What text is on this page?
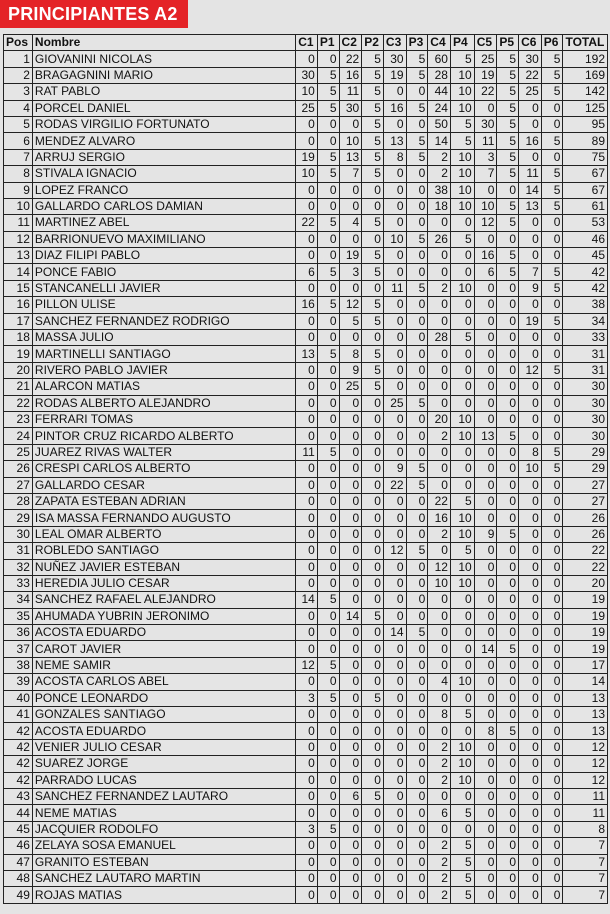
PRINCIPIANTES A2
Pos	Nombre	C1	P1	C2	P2	C3	P3	C4	P4	C5	P5	C6	P6	TOTAL
1	GIOVANINI NICOLAS	0	0	22	5	30	5	60	5	25	5	30	5	192
2	BRAGAGNINI MARIO	30	5	16	5	19	5	28	10	19	5	22	5	169
3	RAT PABLO	10	5	11	5	0	0	44	10	22	5	25	5	142
4	PORCEL DANIEL	25	5	30	5	16	5	24	10	0	5	0	0	125
5	RODAS VIRGILIO FORTUNATO	0	0	0	5	0	0	50	5	30	5	0	0	95
6	MENDEZ ALVARO	0	0	10	5	13	5	14	5	11	5	16	5	89
7	ARRUJ SERGIO	19	5	13	5	8	5	2	10	3	5	0	0	75
8	STIVALA IGNACIO	10	5	7	5	0	0	2	10	7	5	11	5	67
9	LOPEZ FRANCO	0	0	0	0	0	0	38	10	0	0	14	5	67
10	GALLARDO CARLOS DAMIAN	0	0	0	0	0	0	18	10	10	5	13	5	61
11	MARTINEZ ABEL	22	5	4	5	0	0	0	0	12	5	0	0	53
12	BARRIONUEVO MAXIMILIANO	0	0	0	0	10	5	26	5	0	0	0	0	46
13	DIAZ FILIPI PABLO	0	0	19	5	0	0	0	0	16	5	0	0	45
14	PONCE FABIO	6	5	3	5	0	0	0	0	6	5	7	5	42
15	STANCANELLI JAVIER	0	0	0	0	11	5	2	10	0	0	9	5	42
16	PILLON ULISE	16	5	12	5	0	0	0	0	0	0	0	0	38
17	SANCHEZ FERNANDEZ RODRIGO	0	0	5	5	0	0	0	0	0	0	19	5	34
18	MASSA JULIO	0	0	0	0	0	0	28	5	0	0	0	0	33
19	MARTINELLI SANTIAGO	13	5	8	5	0	0	0	0	0	0	0	0	31
20	RIVERO PABLO JAVIER	0	0	9	5	0	0	0	0	0	0	12	5	31
21	ALARCON MATIAS	0	0	25	5	0	0	0	0	0	0	0	0	30
22	RODAS ALBERTO ALEJANDRO	0	0	0	0	25	5	0	0	0	0	0	0	30
23	FERRARI TOMAS	0	0	0	0	0	0	20	10	0	0	0	0	30
24	PINTOR CRUZ RICARDO ALBERTO	0	0	0	0	0	0	2	10	13	5	0	0	30
25	JUAREZ RIVAS WALTER	11	5	0	0	0	0	0	0	0	0	8	5	29
26	CRESPI CARLOS ALBERTO	0	0	0	0	9	5	0	0	0	0	10	5	29
27	GALLARDO CESAR	0	0	0	0	22	5	0	0	0	0	0	0	27
28	ZAPATA ESTEBAN ADRIAN	0	0	0	0	0	0	22	5	0	0	0	0	27
29	ISA MASSA FERNANDO AUGUSTO	0	0	0	0	0	0	16	10	0	0	0	0	26
30	LEAL OMAR ALBERTO	0	0	0	0	0	0	2	10	9	5	0	0	26
31	ROBLEDO SANTIAGO	0	0	0	0	12	5	0	5	0	0	0	0	22
32	NUÑEZ JAVIER ESTEBAN	0	0	0	0	0	0	12	10	0	0	0	0	22
33	HEREDIA JULIO CESAR	0	0	0	0	0	0	10	10	0	0	0	0	20
34	SANCHEZ RAFAEL ALEJANDRO	14	5	0	0	0	0	0	0	0	0	0	0	19
35	AHUMADA YUBRIN JERONIMO	0	0	14	5	0	0	0	0	0	0	0	0	19
36	ACOSTA EDUARDO	0	0	0	0	14	5	0	0	0	0	0	0	19
37	CAROT JAVIER	0	0	0	0	0	0	0	0	14	5	0	0	19
38	NEME SAMIR	12	5	0	0	0	0	0	0	0	0	0	0	17
39	ACOSTA CARLOS ABEL	0	0	0	0	0	0	4	10	0	0	0	0	14
40	PONCE LEONARDO	3	5	0	5	0	0	0	0	0	0	0	0	13
41	GONZALES SANTIAGO	0	0	0	0	0	0	8	5	0	0	0	0	13
42	ACOSTA EDUARDO	0	0	0	0	0	0	0	0	8	5	0	0	13
42	VENIER JULIO CESAR	0	0	0	0	0	0	2	10	0	0	0	0	12
42	SUAREZ JORGE	0	0	0	0	0	0	2	10	0	0	0	0	12
42	PARRADO LUCAS	0	0	0	0	0	0	2	10	0	0	0	0	12
43	SANCHEZ FERNANDEZ LAUTARO	0	0	6	5	0	0	0	0	0	0	0	0	11
44	NEME MATIAS	0	0	0	0	0	0	6	5	0	0	0	0	11
45	JACQUIER RODOLFO	3	5	0	0	0	0	0	0	0	0	0	0	8
46	ZELAYA SOSA EMANUEL	0	0	0	0	0	0	2	5	0	0	0	0	7
47	GRANITO ESTEBAN	0	0	0	0	0	0	2	5	0	0	0	0	7
48	SANCHEZ LAUTARO MARTIN	0	0	0	0	0	0	2	5	0	0	0	0	7
49	ROJAS MATIAS	0	0	0	0	0	0	2	5	0	0	0	0	7
